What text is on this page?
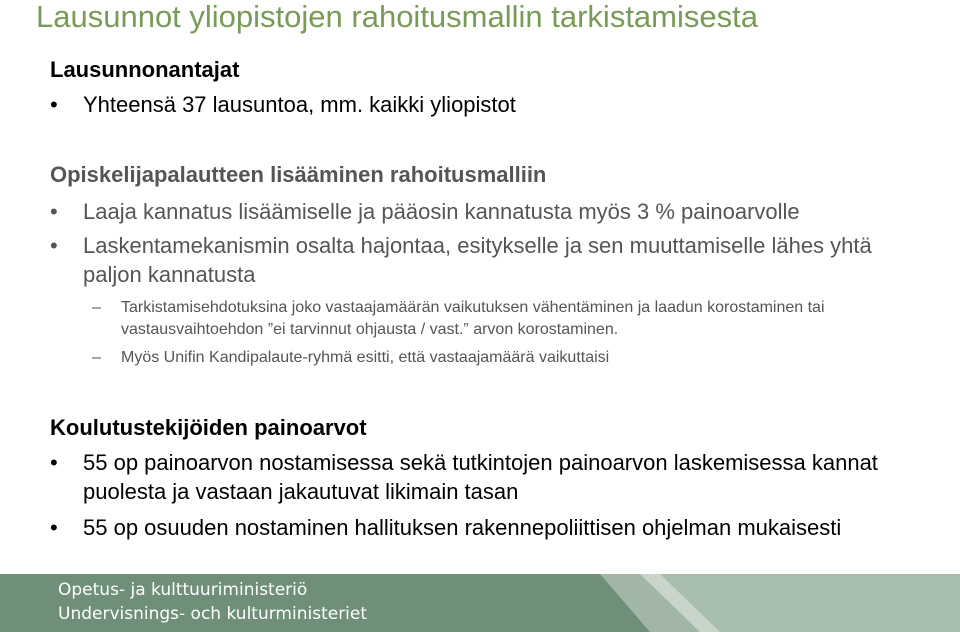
Lausunnot yliopistojen rahoitusmallin tarkistamisesta
Lausunnonantajat
•	Yhteensä 37 lausuntoa, mm. kaikki yliopistot
Opiskelijapalautteen lisääminen rahoitusmalliin
•	Laaja kannatus lisäämiselle ja pääosin kannatusta myös 3 % painoarvolle
•	Laskentamekanismin osalta hajontaa, esitykselle ja sen muuttamiselle lähes yhtä paljon kannatusta
– Tarkistamisehdotuksina joko vastaajamäärän vaikutuksen vähentäminen ja laadun korostaminen tai vastausvaihtoehdon ”ei tarvinnut ohjausta / vast.” arvon korostaminen.
– Myös Unifin Kandipalaute-ryhmä esitti, että vastaajamäärä vaikuttaisi
Koulutustekijöiden painoarvot
•	55 op painoarvon nostamisessa sekä tutkintojen painoarvon laskemisessa kannat puolesta ja vastaan jakautuvat likimain tasan
•	55 op osuuden nostaminen hallituksen rakennepoliittisen ohjelman mukaisesti
Opetus- ja kulttuuriministeriö
Undervisnings- och kulturministeriet
